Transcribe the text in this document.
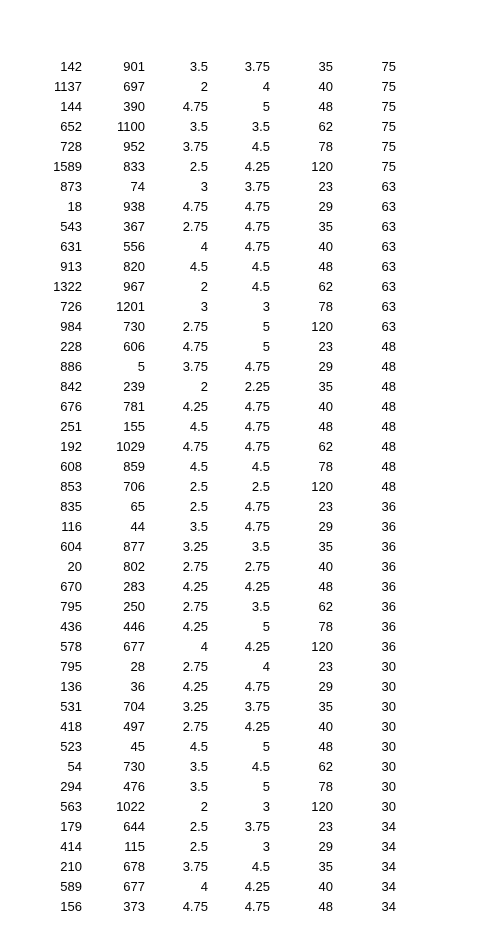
142	901	3.5	3.75	35	75
1137	697	2	4	40	75
144	390	4.75	5	48	75
652	1100	3.5	3.5	62	75
728	952	3.75	4.5	78	75
1589	833	2.5	4.25	120	75
873	74	3	3.75	23	63
18	938	4.75	4.75	29	63
543	367	2.75	4.75	35	63
631	556	4	4.75	40	63
913	820	4.5	4.5	48	63
1322	967	2	4.5	62	63
726	1201	3	3	78	63
984	730	2.75	5	120	63
228	606	4.75	5	23	48
886	5	3.75	4.75	29	48
842	239	2	2.25	35	48
676	781	4.25	4.75	40	48
251	155	4.5	4.75	48	48
192	1029	4.75	4.75	62	48
608	859	4.5	4.5	78	48
853	706	2.5	2.5	120	48
835	65	2.5	4.75	23	36
116	44	3.5	4.75	29	36
604	877	3.25	3.5	35	36
20	802	2.75	2.75	40	36
670	283	4.25	4.25	48	36
795	250	2.75	3.5	62	36
436	446	4.25	5	78	36
578	677	4	4.25	120	36
795	28	2.75	4	23	30
136	36	4.25	4.75	29	30
531	704	3.25	3.75	35	30
418	497	2.75	4.25	40	30
523	45	4.5	5	48	30
54	730	3.5	4.5	62	30
294	476	3.5	5	78	30
563	1022	2	3	120	30
179	644	2.5	3.75	23	34
414	115	2.5	3	29	34
210	678	3.75	4.5	35	34
589	677	4	4.25	40	34
156	373	4.75	4.75	48	34
